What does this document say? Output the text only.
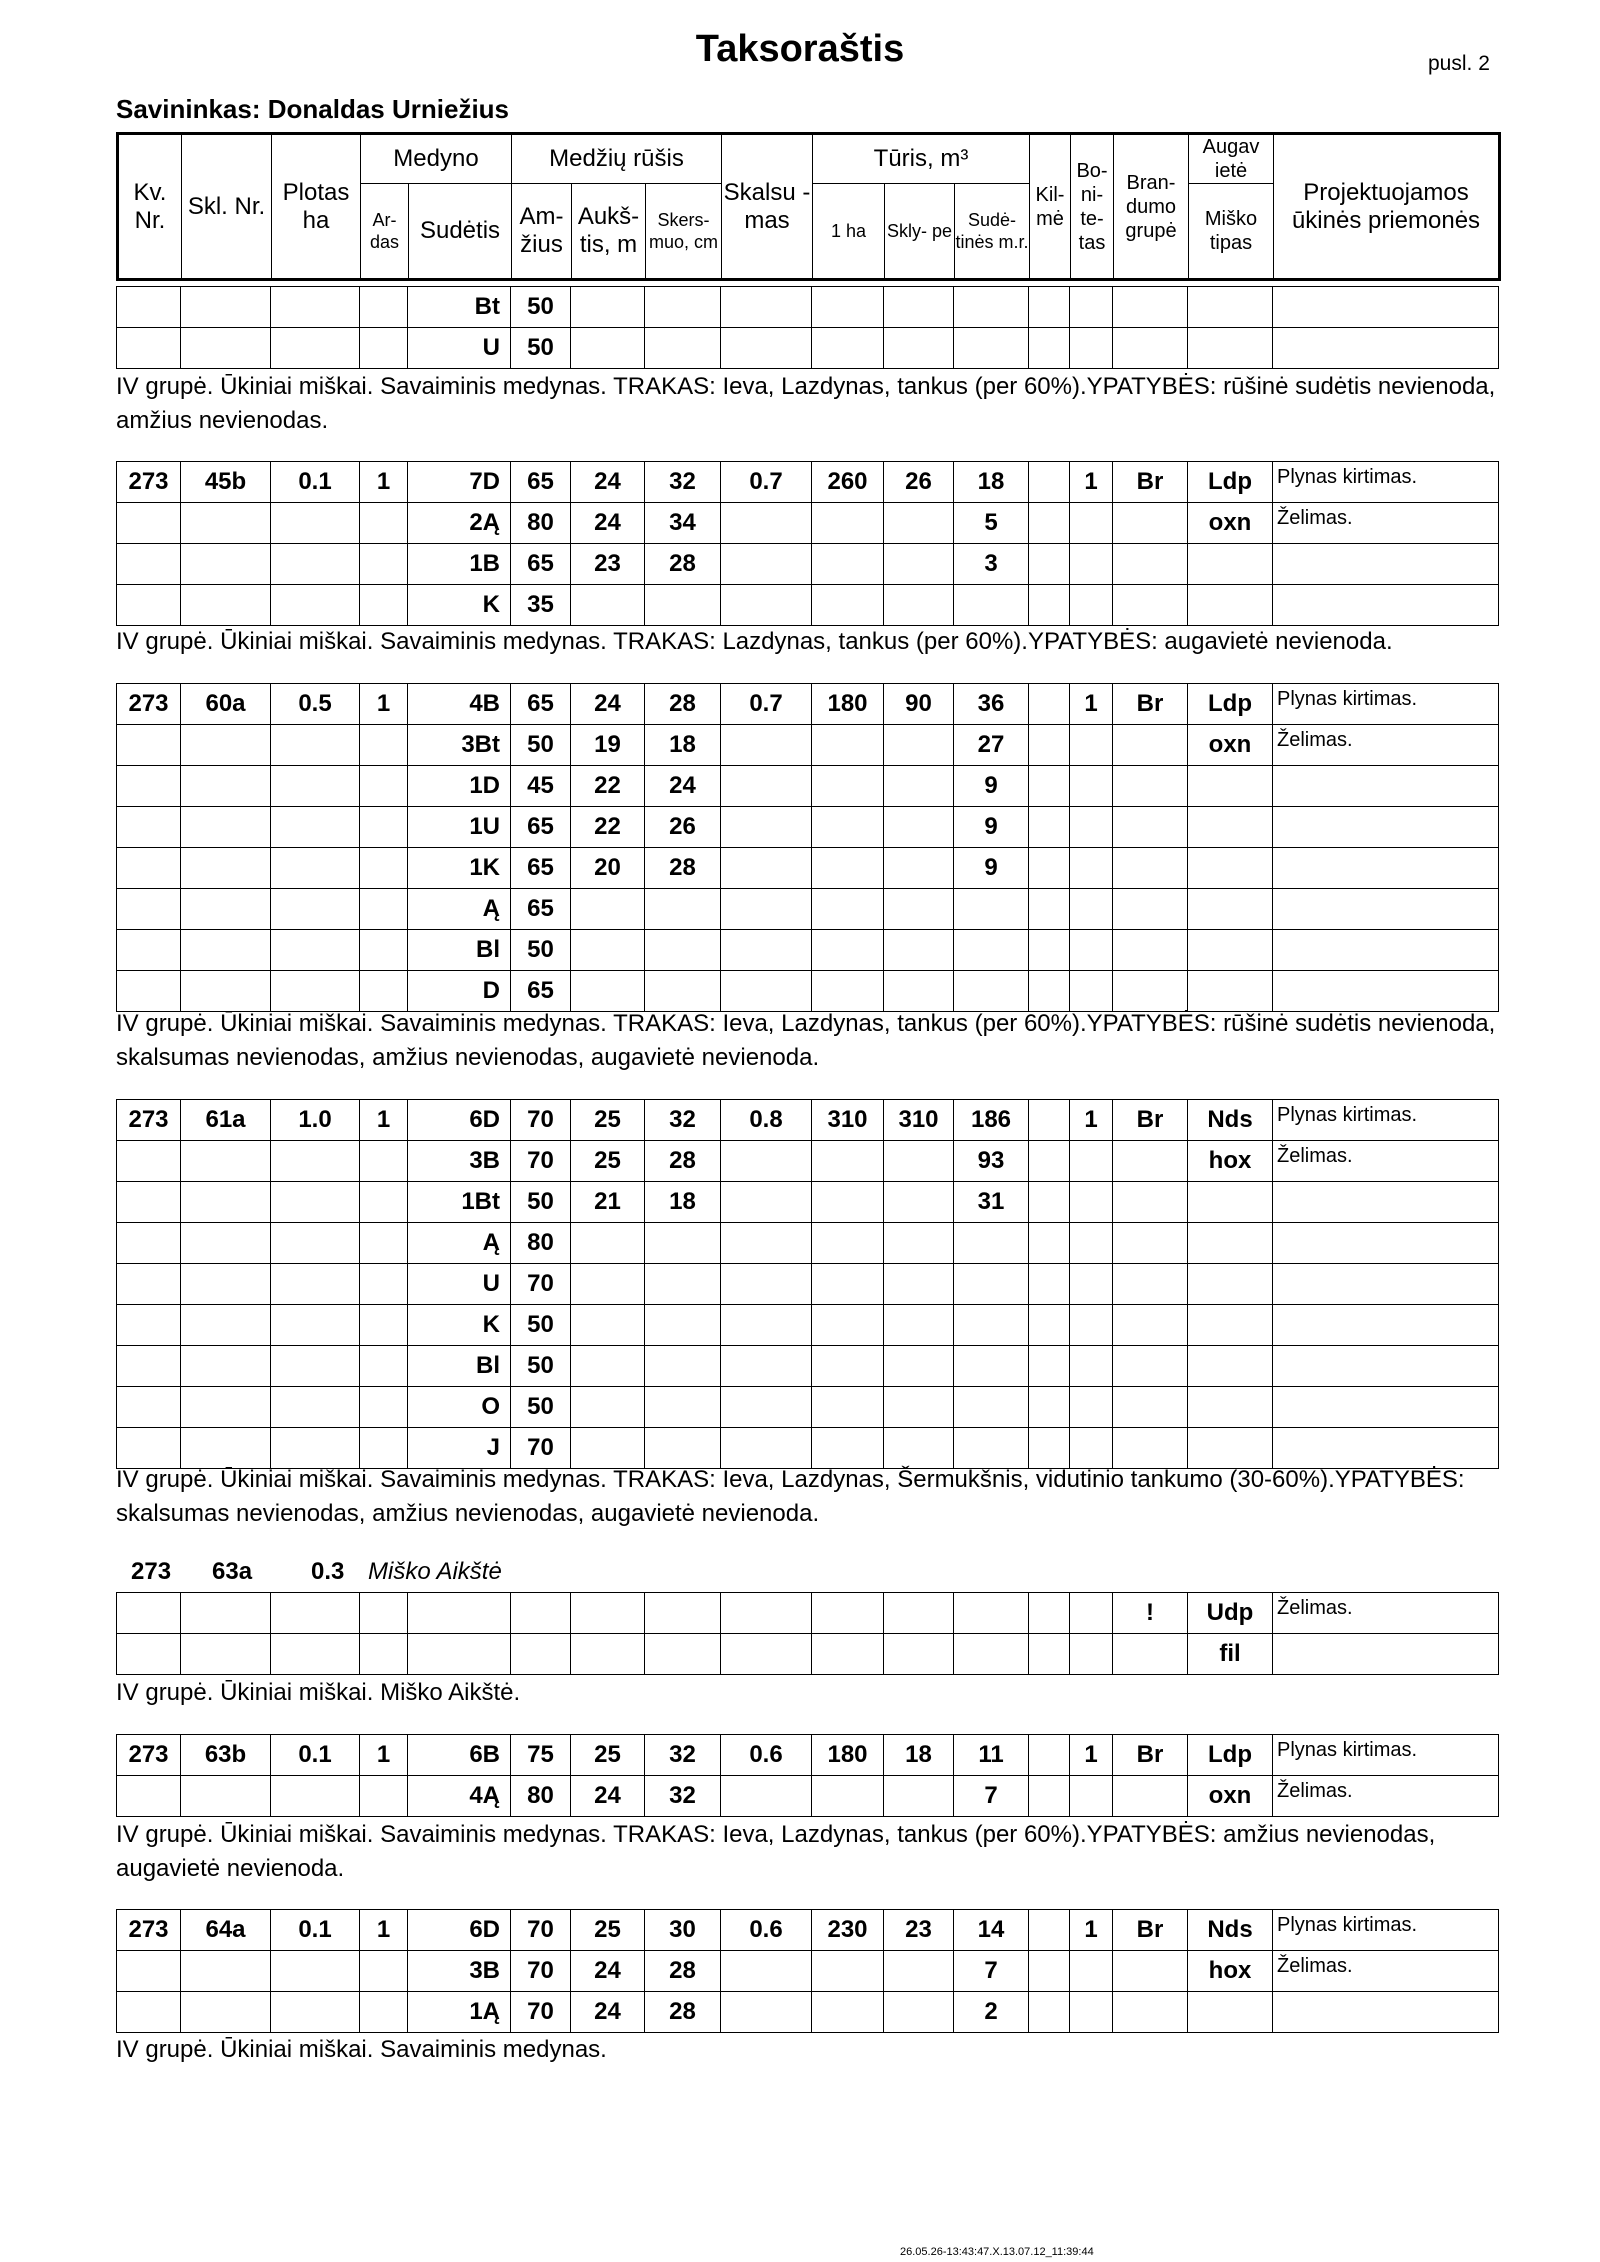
Taksoraštis	pusl. 2
Savininkas: Donaldas Urniežius
Kv. Nr.	Skl. Nr.	Plotas ha	Medyno		Medžių rūšis			Skalsu - mas	Tūris, m³			Kil- mė	Bo- ni- te- tas	Bran- dumo grupė	Augav ietė	Projektuojamos ūkinės priemonės
			Ar- das	Sudėtis	Am- žius	Aukš- tis, m	Skers- muo, cm		1 ha	Skly- pe	Sudė- tinės m.r.				Miško tipas	
				Bt	50											
				U	50											
IV grupė. Ūkiniai miškai. Savaiminis medynas. TRAKAS: Ieva, Lazdynas, tankus (per 60%).YPATYBĖS: rūšinė sudėtis nevienoda, amžius nevienodas.
273	45b	0.1	1	7D	65	24	32	0.7	260	26	18		1	Br	Ldp	Plynas kirtimas.
				2Ą	80	24	34				5				oxn	Želimas.
				1B	65	23	28				3					
				K	35											
IV grupė. Ūkiniai miškai. Savaiminis medynas. TRAKAS: Lazdynas, tankus (per 60%).YPATYBĖS: augavietė nevienoda.
273	60a	0.5	1	4B	65	24	28	0.7	180	90	36		1	Br	Ldp	Plynas kirtimas.
				3Bt	50	19	18				27				oxn	Želimas.
				1D	45	22	24				9					
				1U	65	22	26				9					
				1K	65	20	28				9					
				Ą	65											
				Bl	50											
				D	65											
IV grupė. Ūkiniai miškai. Savaiminis medynas. TRAKAS: Ieva, Lazdynas, tankus (per 60%).YPATYBĖS: rūšinė sudėtis nevienoda, skalsumas nevienodas, amžius nevienodas, augavietė nevienoda.
273	61a	1.0	1	6D	70	25	32	0.8	310	310	186		1	Br	Nds	Plynas kirtimas.
				3B	70	25	28				93				hox	Želimas.
				1Bt	50	21	18				31					
				Ą	80											
				U	70											
				K	50											
				Bl	50											
				O	50											
				J	70											
IV grupė. Ūkiniai miškai. Savaiminis medynas. TRAKAS: Ieva, Lazdynas, Šermukšnis, vidutinio tankumo (30-60%).YPATYBĖS: skalsumas nevienodas, amžius nevienodas, augavietė nevienoda.
273 63a 0.3 Miško Aikštė
														!	Udp	Želimas.
															fil	
IV grupė. Ūkiniai miškai. Miško Aikštė.
273	63b	0.1	1	6B	75	25	32	0.6	180	18	11		1	Br	Ldp	Plynas kirtimas.
				4Ą	80	24	32				7				oxn	Želimas.
IV grupė. Ūkiniai miškai. Savaiminis medynas. TRAKAS: Ieva, Lazdynas, tankus (per 60%).YPATYBĖS: amžius nevienodas, augavietė nevienoda.
273	64a	0.1	1	6D	70	25	30	0.6	230	23	14		1	Br	Nds	Plynas kirtimas.
				3B	70	24	28				7				hox	Želimas.
				1Ą	70	24	28				2					
IV grupė. Ūkiniai miškai. Savaiminis medynas.
26.05.26-13:43:47.X.13.07.12_11:39:44
